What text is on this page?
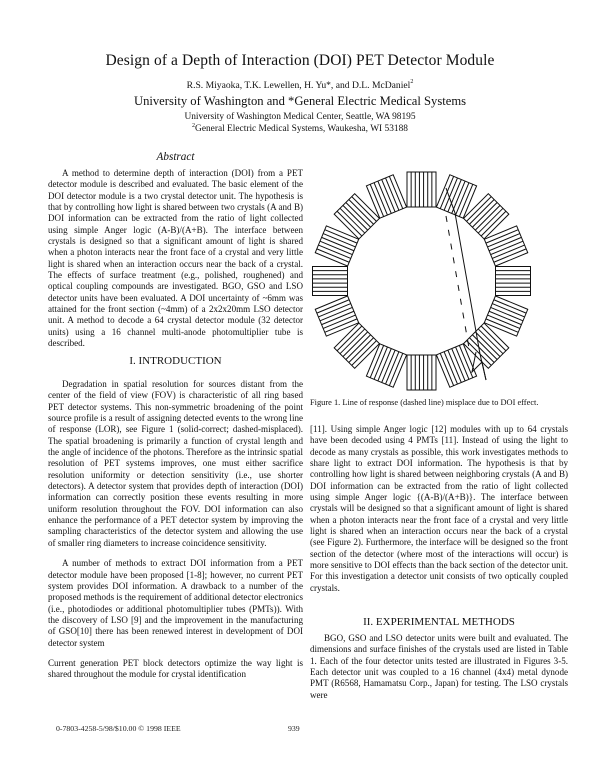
Design of a Depth of Interaction (DOI) PET Detector Module
R.S. Miyaoka, T.K. Lewellen, H. Yu*, and D.L. McDaniel$^2$
University of Washington and *General Electric Medical Systems
University of Washington Medical Center, Seattle, WA 98195
$^2$General Electric Medical Systems, Waukesha, WI 53188
Abstract

A method to determine depth of interaction (DOI) from a PET detector module is described and evaluated. The basic element of the DOI detector module is a two crystal detector unit. The hypothesis is that by controlling how light is shared between two crystals (A and B) DOI information can be extracted from the ratio of light collected using simple Anger logic (A-B)/(A+B). The interface between crystals is designed so that a significant amount of light is shared when a photon interacts near the front face of a crystal and very little light is shared when an interaction occurs near the back of a crystal. The effects of surface treatment (e.g., polished, roughened) and optical coupling compounds are investigated. BGO, GSO and LSO detector units have been evaluated. A DOI uncertainty of ~6mm was attained for the front section (~4mm) of a 2x2x20mm LSO detector unit. A method to decode a 64 crystal detector module (32 detector units) using a 16 channel multi-anode photomultiplier tube is described.

I. INTRODUCTION

Degradation in spatial resolution for sources distant from the center of the field of view (FOV) is characteristic of all ring based PET detector systems. This non-symmetric broadening of the point source profile is a result of assigning detected events to the wrong line of response (LOR), see Figure 1 (solid-correct; dashed-misplaced). The spatial broadening is primarily a function of crystal length and the angle of incidence of the photons. Therefore as the intrinsic spatial resolution of PET systems improves, one must either sacrifice resolution uniformity or detection sensitivity (i.e., use shorter detectors). A detector system that provides depth of interaction (DOI) information can correctly position these events resulting in more uniform resolution throughout the FOV. DOI information can also enhance the performance of a PET detector system by improving the sampling characteristics of the detector system and allowing the use of smaller ring diameters to increase coincidence sensitivity.

A number of methods to extract DOI information from a PET detector module have been proposed [1-8]; however, no current PET system provides DOI information. A drawback to a number of the proposed methods is the requirement of additional detector electronics (i.e., photodiodes or additional photomultiplier tubes (PMTs)). With the discovery of LSO [9] and the improvement in the manufacturing of GSO[10] there has been renewed interest in development of DOI detector system

Current generation PET block detectors optimize the way light is shared throughout the module for crystal identification

Figure 1. Line of response (dashed line) misplace due to DOI effect.

[11]. Using simple Anger logic [12] modules with up to 64 crystals have been decoded using 4 PMTs [11]. Instead of using the light to decode as many crystals as possible, this work investigates methods to share light to extract DOI information. The hypothesis is that by controlling how light is shared between neighboring crystals (A and B) DOI information can be extracted from the ratio of light collected using simple Anger logic {(A-B)/(A+B)}. The interface between crystals will be designed so that a significant amount of light is shared when a photon interacts near the front face of a crystal and very little light is shared when an interaction occurs near the back of a crystal (see Figure 2). Furthermore, the interface will be designed so the front section of the detector (where most of the interactions will occur) is more sensitive to DOI effects than the back section of the detector unit. For this investigation a detector unit consists of two optically coupled crystals.

II. EXPERIMENTAL METHODS

BGO, GSO and LSO detector units were built and evaluated. The dimensions and surface finishes of the crystals used are listed in Table 1. Each of the four detector units tested are illustrated in Figures 3-5. Each detector unit was coupled to a 16 channel (4x4) metal dynode PMT (R6568, Hamamatsu Corp., Japan) for testing. The LSO crystals were

0-7803-4258-5/98/$10.00 © 1998 IEEE	939
